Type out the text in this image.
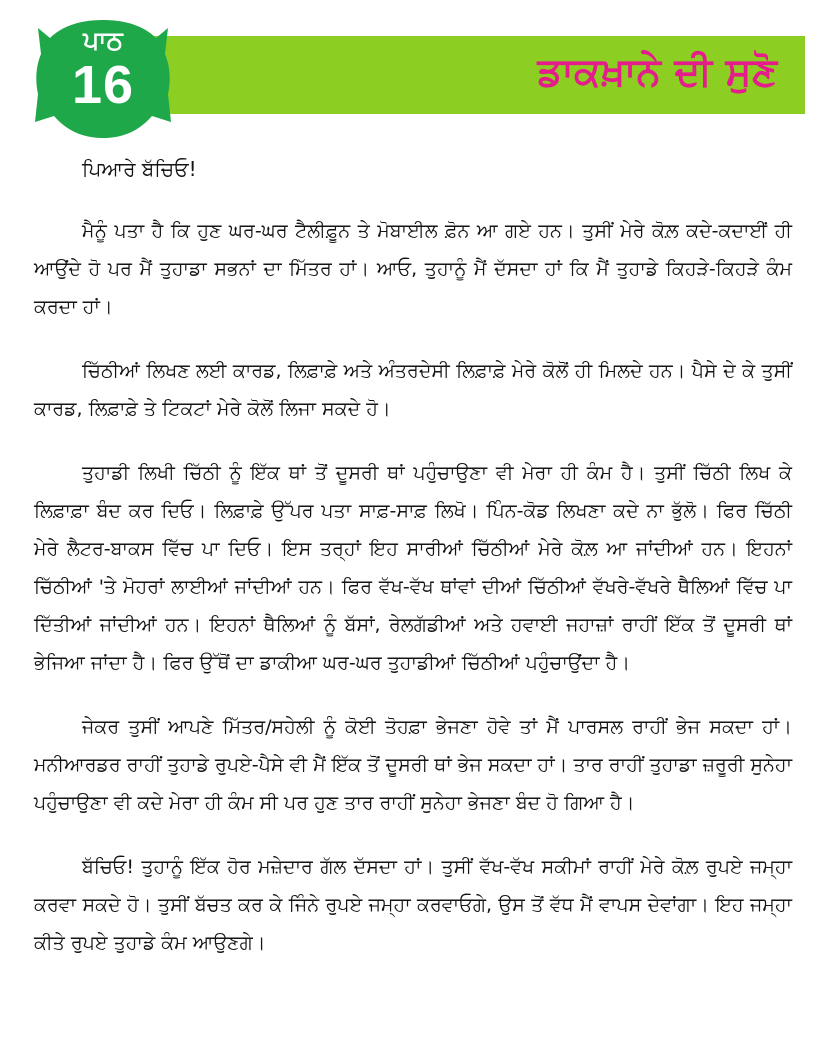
ਡਾਕਖ਼ਾਨੇ ਦੀ ਸੁਣੋ
ਪਾਠ
16

ਪਿਆਰੇ ਬੱਚਿਓ!

ਮੈਨੂੰ ਪਤਾ ਹੈ ਕਿ ਹੁਣ ਘਰ-ਘਰ ਟੈਲੀਫ਼ੂਨ ਤੇ ਮੋਬਾਈਲ ਫ਼ੋਨ ਆ ਗਏ ਹਨ। ਤੁਸੀਂ ਮੇਰੇ ਕੋਲ਼ ਕਦੇ-ਕਦਾਈਂ ਹੀ ਆਉਂਦੇ ਹੋ ਪਰ ਮੈਂ ਤੁਹਾਡਾ ਸਭਨਾਂ ਦਾ ਮਿੱਤਰ ਹਾਂ। ਆਓ, ਤੁਹਾਨੂੰ ਮੈਂ ਦੱਸਦਾ ਹਾਂ ਕਿ ਮੈਂ ਤੁਹਾਡੇ ਕਿਹੜੇ-ਕਿਹੜੇ ਕੰਮ ਕਰਦਾ ਹਾਂ।

ਚਿੱਠੀਆਂ ਲਿਖਣ ਲਈ ਕਾਰਡ, ਲਿਫ਼ਾਫ਼ੇ ਅਤੇ ਅੰਤਰਦੇਸੀ ਲਿਫ਼ਾਫ਼ੇ ਮੇਰੇ ਕੋਲੋਂ ਹੀ ਮਿਲਦੇ ਹਨ। ਪੈਸੇ ਦੇ ਕੇ ਤੁਸੀਂ ਕਾਰਡ, ਲਿਫ਼ਾਫ਼ੇ ਤੇ ਟਿਕਟਾਂ ਮੇਰੇ ਕੋਲੋਂ ਲਿਜਾ ਸਕਦੇ ਹੋ।

ਤੁਹਾਡੀ ਲਿਖੀ ਚਿੱਠੀ ਨੂੰ ਇੱਕ ਥਾਂ ਤੋਂ ਦੂਸਰੀ ਥਾਂ ਪਹੁੰਚਾਉਣਾ ਵੀ ਮੇਰਾ ਹੀ ਕੰਮ ਹੈ। ਤੁਸੀਂ ਚਿੱਠੀ ਲਿਖ ਕੇ ਲਿਫ਼ਾਫ਼ਾ ਬੰਦ ਕਰ ਦਿਓ। ਲਿਫ਼ਾਫ਼ੇ ਉੱਪਰ ਪਤਾ ਸਾਫ਼-ਸਾਫ਼ ਲਿਖੋ। ਪਿੰਨ-ਕੋਡ ਲਿਖਣਾ ਕਦੇ ਨਾ ਭੁੱਲੋ। ਫਿਰ ਚਿੱਠੀ ਮੇਰੇ ਲੈਟਰ-ਬਾਕਸ ਵਿੱਚ ਪਾ ਦਿਓ। ਇਸ ਤਰ੍ਹਾਂ ਇਹ ਸਾਰੀਆਂ ਚਿੱਠੀਆਂ ਮੇਰੇ ਕੋਲ਼ ਆ ਜਾਂਦੀਆਂ ਹਨ। ਇਹਨਾਂ ਚਿੱਠੀਆਂ 'ਤੇ ਮੋਹਰਾਂ ਲਾਈਆਂ ਜਾਂਦੀਆਂ ਹਨ। ਫਿਰ ਵੱਖ-ਵੱਖ ਥਾਂਵਾਂ ਦੀਆਂ ਚਿੱਠੀਆਂ ਵੱਖਰੇ-ਵੱਖਰੇ ਥੈਲਿਆਂ ਵਿੱਚ ਪਾ ਦਿੱਤੀਆਂ ਜਾਂਦੀਆਂ ਹਨ। ਇਹਨਾਂ ਥੈਲਿਆਂ ਨੂੰ ਬੱਸਾਂ, ਰੇਲਗੱਡੀਆਂ ਅਤੇ ਹਵਾਈ ਜਹਾਜ਼ਾਂ ਰਾਹੀਂ ਇੱਕ ਤੋਂ ਦੂਸਰੀ ਥਾਂ ਭੇਜਿਆ ਜਾਂਦਾ ਹੈ। ਫਿਰ ਉੱਥੋਂ ਦਾ ਡਾਕੀਆ ਘਰ-ਘਰ ਤੁਹਾਡੀਆਂ ਚਿੱਠੀਆਂ ਪਹੁੰਚਾਉਂਦਾ ਹੈ।

ਜੇਕਰ ਤੁਸੀਂ ਆਪਣੇ ਮਿੱਤਰ/ਸਹੇਲੀ ਨੂੰ ਕੋਈ ਤੋਹਫ਼ਾ ਭੇਜਣਾ ਹੋਵੇ ਤਾਂ ਮੈਂ ਪਾਰਸਲ ਰਾਹੀਂ ਭੇਜ ਸਕਦਾ ਹਾਂ। ਮਨੀਆਰਡਰ ਰਾਹੀਂ ਤੁਹਾਡੇ ਰੁਪਏ-ਪੈਸੇ ਵੀ ਮੈਂ ਇੱਕ ਤੋਂ ਦੂਸਰੀ ਥਾਂ ਭੇਜ ਸਕਦਾ ਹਾਂ। ਤਾਰ ਰਾਹੀਂ ਤੁਹਾਡਾ ਜ਼ਰੂਰੀ ਸੁਨੇਹਾ ਪਹੁੰਚਾਉਣਾ ਵੀ ਕਦੇ ਮੇਰਾ ਹੀ ਕੰਮ ਸੀ ਪਰ ਹੁਣ ਤਾਰ ਰਾਹੀਂ ਸੁਨੇਹਾ ਭੇਜਣਾ ਬੰਦ ਹੋ ਗਿਆ ਹੈ।

ਬੱਚਿਓ! ਤੁਹਾਨੂੰ ਇੱਕ ਹੋਰ ਮਜ਼ੇਦਾਰ ਗੱਲ ਦੱਸਦਾ ਹਾਂ। ਤੁਸੀਂ ਵੱਖ-ਵੱਖ ਸਕੀਮਾਂ ਰਾਹੀਂ ਮੇਰੇ ਕੋਲ਼ ਰੁਪਏ ਜਮ੍ਹਾ ਕਰਵਾ ਸਕਦੇ ਹੋ। ਤੁਸੀਂ ਬੱਚਤ ਕਰ ਕੇ ਜਿੰਨੇ ਰੁਪਏ ਜਮ੍ਹਾ ਕਰਵਾਓਗੇ, ਉਸ ਤੋਂ ਵੱਧ ਮੈਂ ਵਾਪਸ ਦੇਵਾਂਗਾ। ਇਹ ਜਮ੍ਹਾ ਕੀਤੇ ਰੁਪਏ ਤੁਹਾਡੇ ਕੰਮ ਆਉਣਗੇ।
